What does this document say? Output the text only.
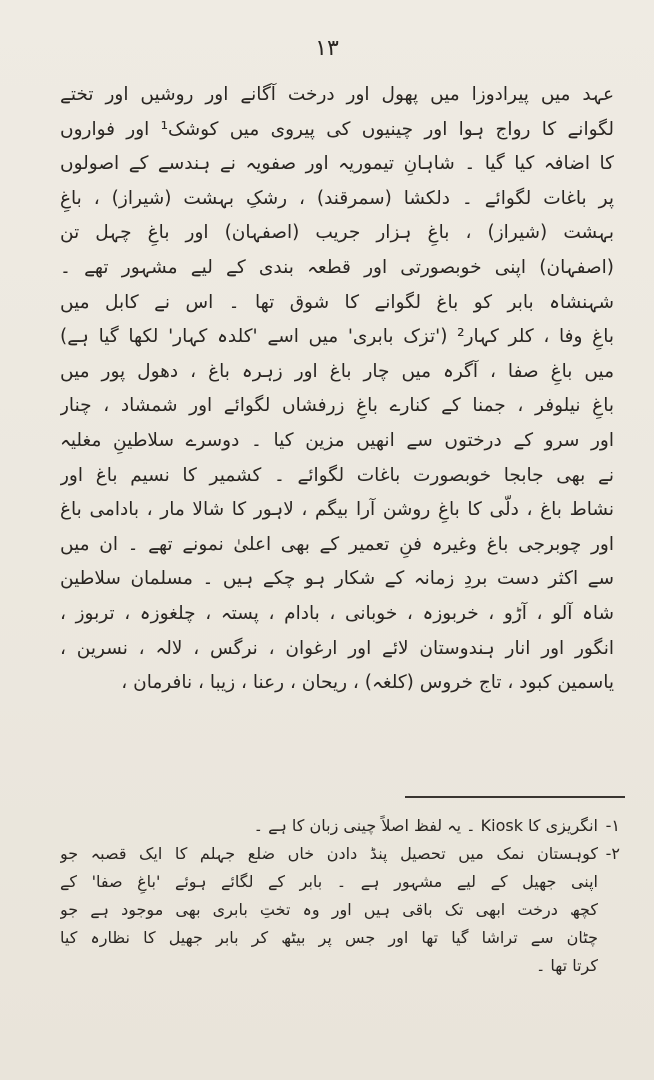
۱۳
عہد میں پیرادوزا میں پھول اور درخت آگانے اور روشیں اور تختے
لگوانے کا رواج ہوا اور چینیوں کی پیروی میں کوشک¹ اور فواروں
کا اضافہ کیا گیا ۔ شاہانِ تیموریہ اور صفویہ نے ہندسے کے اصولوں
پر باغات لگوائے ۔ دلکشا (سمرقند) ، رشکِ بہشت (شیراز) ، باغِ
بہشت (شیراز) ، باغِ ہزار جریب (اصفہان) اور باغِ چہل تن
(اصفہان) اپنی خوبصورتی اور قطعہ بندی کے لیے مشہور تھے ۔
شہنشاہ بابر کو باغ لگوانے کا شوق تھا ۔ اس نے کابل میں
باغِ وفا ، کلر کہار² ('تزک بابری' میں اسے 'کلدہ کہار' لکھا گیا ہے)
میں باغِ صفا ، آگرہ میں چار باغ اور زہرہ باغ ، دھول پور میں
باغِ نیلوفر ، جمنا کے کنارے باغِ زرفشاں لگوائے اور شمشاد ، چنار
اور سرو کے درختوں سے انھیں مزین کیا ۔ دوسرے سلاطینِ مغلیہ
نے بھی جابجا خوبصورت باغات لگوائے ۔ کشمیر کا نسیم باغ اور
نشاط باغ ، دلّی کا باغِ روشن آرا بیگم ، لاہور کا شالا مار ، بادامی باغ
اور چوبرجی باغ وغیرہ فنِ تعمیر کے بھی اعلیٰ نمونے تھے ۔ ان میں
سے اکثر دست بردِ زمانہ کے شکار ہو چکے ہیں ۔ مسلمان سلاطین
شاہ آلو ، آڑو ، خربوزہ ، خوبانی ، بادام ، پستہ ، چلغوزہ ، تربوز ،
انگور اور انار ہندوستان لائے اور ارغوان ، نرگس ، لالہ ، نسرین ،
یاسمین کبود ، تاج خروس (کلغہ) ، ریحان ، رعنا ، زیبا ، نافرمان ،
۱-انگریزی کا Kiosk ۔ یہ لفظ اصلاً چینی زبان کا ہے ۔
۲-کوہستان نمک میں تحصیل پنڈ دادن خاں ضلع جہلم کا ایک قصبہ جو
اپنی جھیل کے لیے مشہور ہے ۔ بابر کے لگائے ہوئے 'باغِ صفا' کے
کچھ درخت ابھی تک باقی ہیں اور وہ تختِ بابری بھی موجود ہے جو
چٹان سے تراشا گیا تھا اور جس پر بیٹھ کر بابر جھیل کا نظارہ کیا
کرتا تھا ۔
